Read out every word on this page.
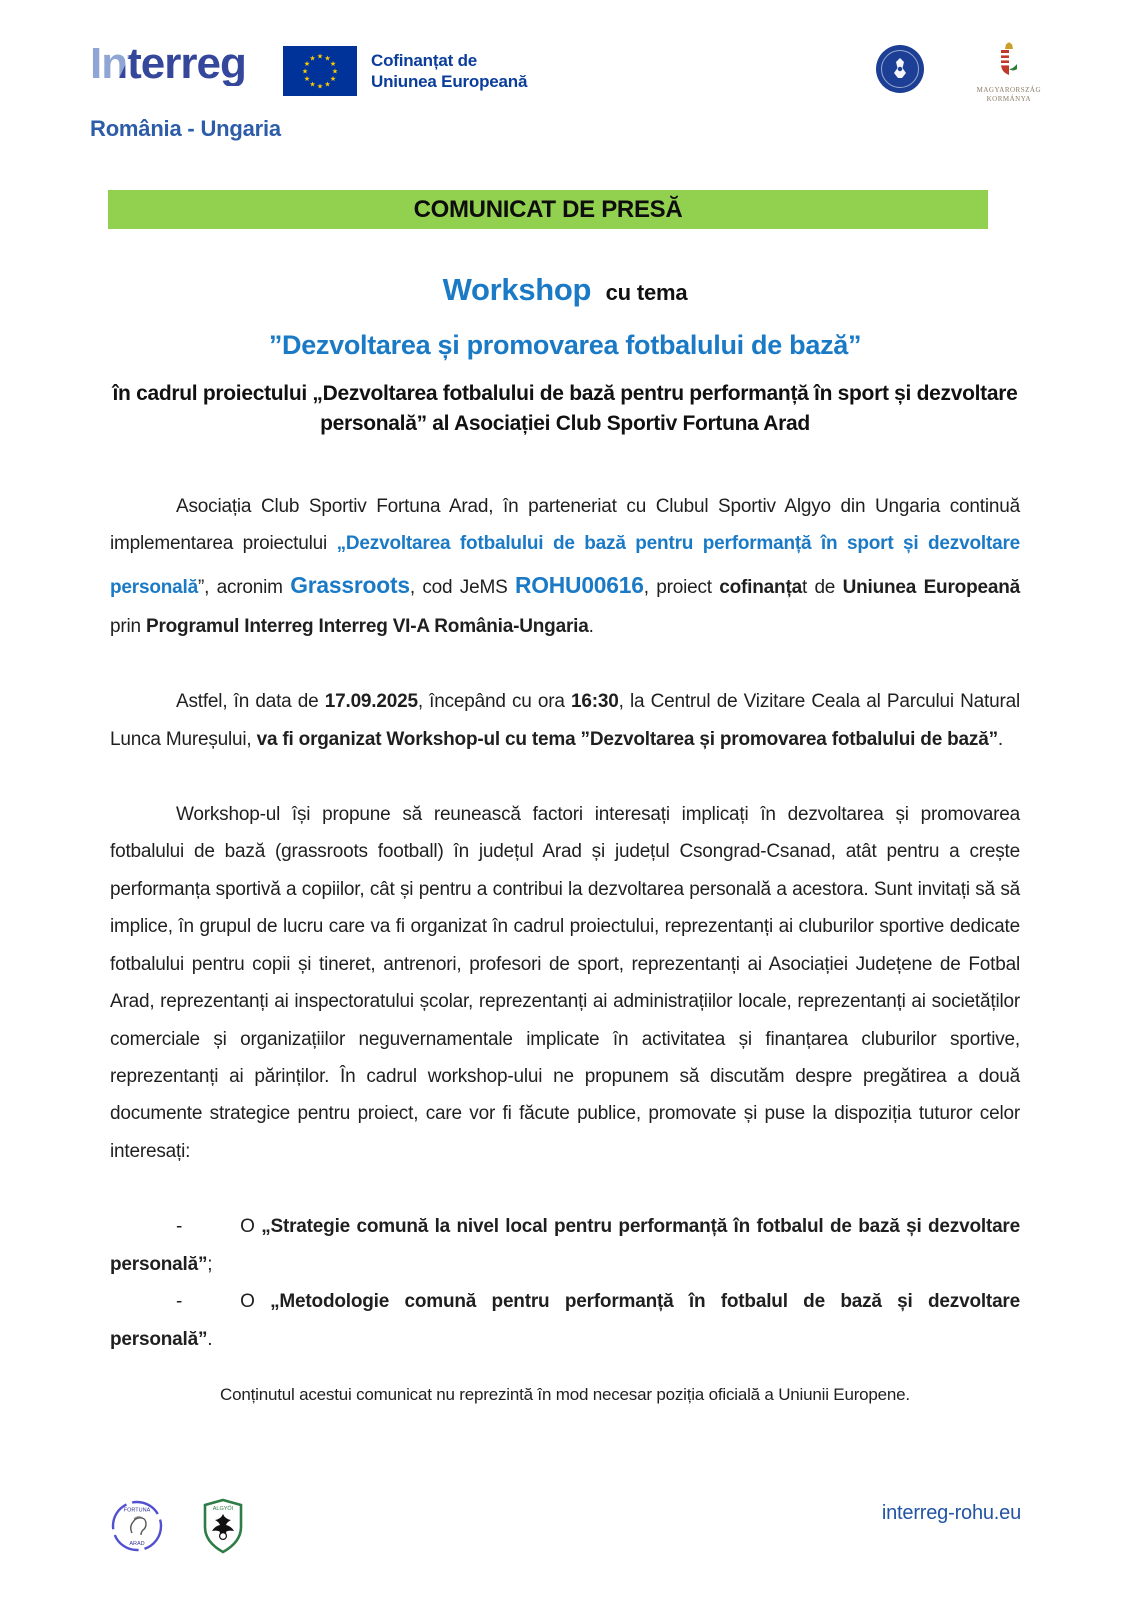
Interreg
România - Ungaria
★ ★
★
★
★
★
★
★
★
★
★
★	Cofinanțat de
Uniunea Europeană	MAGYARORSZÁG
KORMÁNYA
COMUNICAT DE PRESĂ
Workshop cu tema
”Dezvoltarea și promovarea fotbalului de bază”
în cadrul proiectului „Dezvoltarea fotbalului de bază pentru performanță în sport și dezvoltare personală” al Asociației Club Sportiv Fortuna Arad

Asociația Club Sportiv Fortuna Arad, în parteneriat cu Clubul Sportiv Algyo din Ungaria continuă implementarea proiectului „Dezvoltarea fotbalului de bază pentru performanță în sport și dezvoltare personală”, acronim Grassroots, cod JeMS ROHU00616, proiect cofinanțat de Uniunea Europeană prin Programul Interreg Interreg VI-A România-Ungaria.

Astfel, în data de 17.09.2025, începând cu ora 16:30, la Centrul de Vizitare Ceala al Parcului Natural Lunca Mureșului, va fi organizat Workshop-ul cu tema ”Dezvoltarea și promovarea fotbalului de bază”.

Workshop-ul își propune să reunească factori interesați implicați în dezvoltarea și promovarea fotbalului de bază (grassroots football) în județul Arad și județul Csongrad-Csanad, atât pentru a crește performanța sportivă a copiilor, cât și pentru a contribui la dezvoltarea personală a acestora. Sunt invitați să să implice, în grupul de lucru care va fi organizat în cadrul proiectului, reprezentanți ai cluburilor sportive dedicate fotbalului pentru copii și tineret, antrenori, profesori de sport, reprezentanți ai Asociației Județene de Fotbal Arad, reprezentanți ai inspectoratului școlar, reprezentanți ai administrațiilor locale, reprezentanți ai societăților comerciale și organizațiilor neguvernamentale implicate în activitatea și finanțarea cluburilor sportive, reprezentanți ai părinților. În cadrul workshop-ului ne propunem să discutăm despre pregătirea a două documente strategice pentru proiect, care vor fi făcute publice, promovate și puse la dispoziția tuturor celor interesați:

-	O „Strategie comună la nivel local pentru performanță în fotbalul de bază și dezvoltare personală”;

-	O „Metodologie comună pentru performanță în fotbalul de bază și dezvoltare personală”.

Conținutul acestui comunicat nu reprezintă în mod necesar poziția oficială a Uniunii Europene.
FORTUNA
ARAD
ALGYŐI	interreg-rohu.eu
